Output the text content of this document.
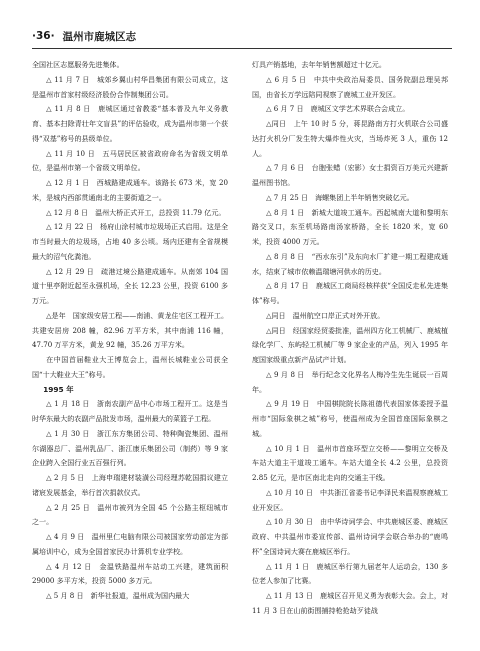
·36· 温州市鹿城区志

全国社区志愿服务先进集体。

△ 11 月 7 日　城郊乡翼山村华昌集团有限公司成立，这是温州市首家村级经济股份合作制集团公司。

△ 11 月 8 日　鹿城区通过省教委“基本普及九年义务教育、基本扫除青壮年文盲县”的评估验收，成为温州市第一个获得“双基”称号的县级单位。

△ 11 月 10 日　五马居民区被省政府命名为省级文明单位，是温州市第一个省级文明单位。

△ 12 月 1 日　西城路建成通车。该路长 673 米，宽 20 米，是城内西部贯通南北的主要街道之一。

△ 12 月 8 日　温州大桥正式开工，总投资 11.79 亿元。

△ 12 月 22 日　杨府山涂村城市垃圾场正式启用。这是全市当时最大的垃圾场，占地 40 多公顷。场内还建有全省规模最大的沼气化粪池。

△ 12 月 29 日　疏港过境公路建成通车。从南郊 104 国道十里亭附近起至永强机场，全长 12.23 公里，投资 6100 多万元。

△是年　国家级安居工程——南浦、黄龙住宅区工程开工。共建安居房 208 幢，82.96 万平方米，其中南浦 116 幢，47.70 万平方米，黄龙 92 幢，35.26 万平方米。

在中国首届鞋业大王博览会上，温州长城鞋业公司获全国“十大鞋业大王”称号。

1995 年

△ 1 月 18 日　浙南农副产品中心市场工程开工。这是当时华东最大的农副产品批发市场，温州最大的菜篮子工程。

△ 1 月 30 日　浙江东方集团公司、特种陶瓷集团、温州尔湖器总厂、温州乳品厂、浙江康乐集团公司（制药）等 9 家企业跨入全国行业五百强行列。

△ 2 月 5 日　上海申瑞建材装潢公司经理苏乾国捐议建立诸宸发展基金，举行首次捐款仪式。

△ 2 月 25 日　温州市被列为全国 45 个公路主枢纽城市之一。

△ 4 月 9 日　温州里仁电脑有限公司被国家劳动部定为部属培训中心，成为全国首家民办计算机专业学校。

△ 4 月 12 日　金温铁路温州车站动工兴建，建筑面积 29000 多平方米，投资 5000 多万元。

△ 5 月 8 日　新华社报道，温州成为国内最大

灯具产销基地，去年年销售额超过十亿元。

△ 6 月 5 日　中共中央政治局委员、国务院副总理吴邦国，由省长万学远陪同视察了鹿城工业开发区。

△ 6 月 7 日　鹿城区文学艺术界联合会成立。

△同日　上午 10 时 5 分，蒋昆路南方打火机联合公司盛达打火机分厂发生特大爆炸性火灾，当场炸死 3 人，重伤 12 人。

△ 7 月 6 日　台胞张蜡（宏影）女士捐资百万美元兴建新温州图书馆。

△ 7 月 25 日　海螺集团上半年销售突破亿元。

△ 8 月 1 日　新城大道竣工通车。西起城南大道和黎明东路交叉口，东至机场路南汤家桥路，全长 1820 米，宽 60 米，投资 4000 万元。

△ 8 月 8 日　“西水东引”及东向水厂扩建一期工程建成通水，结束了城市依赖温瑞塘河供水的历史。

△ 8 月 17 日　鹿城区工商局经核样获“全国反走私先进集体”称号。

△同日　温州航空口岸正式对外开放。

△同日　经国家经贸委批准，温州四方化工机械厂、鹿城植绿化学厂、东屿轻工机械厂等 9 家企业的产品，列入 1995 年度国家级重点新产品试产计划。

△ 9 月 8 日　举行纪念文化界名人梅冷生先生诞辰一百周年。

△ 9 月 19 日　中国棋院院长陈祖德代表国家体委授予温州市“国际象棋之城”称号，使温州成为全国首座国际象棋之城。

△ 10 月 1 日　温州市首座环型立交桥——黎明立交桥及车站大道主干道竣工通车。车站大道全长 4.2 公里，总投资 2.85 亿元，是市区南北走向的交通主干线。

△ 10 月 10 日　中共浙江省委书记李泽民来温视察鹿城工业开发区。

△ 10 月 30 日　由中华诗词学会、中共鹿城区委、鹿城区政府、中共温州市委宣传部、温州诗词学会联合举办的“鹿鸣杯”全国诗词大赛在鹿城区举行。

△ 11 月 1 日　鹿城区举行第九届老年人运动会，130 多位老人参加了比赛。

△ 11 月 13 日　鹿城区召开见义勇为表彰大会。会上，对 11 月 3 日在山前街围捕持枪抢劫歹徒战
